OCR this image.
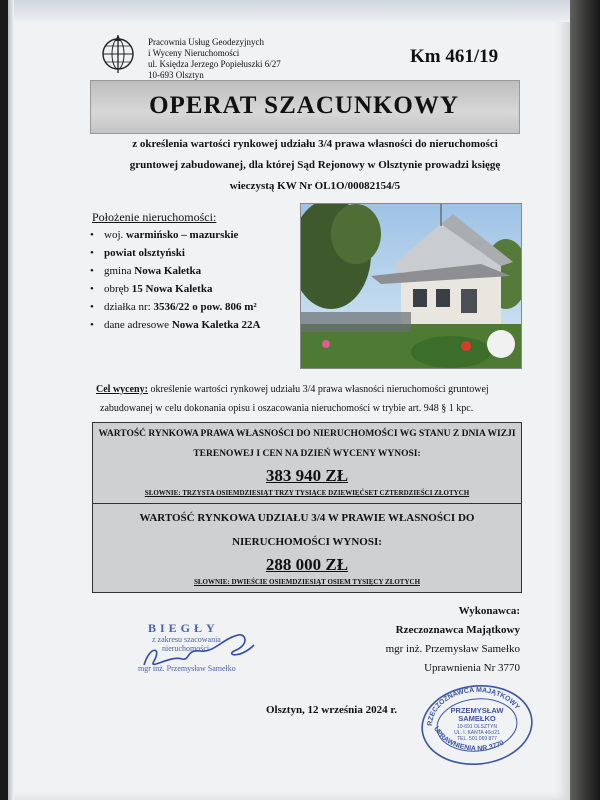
Pracownia Usług Geodezyjnych
i Wyceny Nieruchomości
ul. Księdza Jerzego Popiełuszki 6/27
10-693 Olsztyn
Km 461/19
OPERAT SZACUNKOWY
z określenia wartości rynkowej udziału 3/4 prawa własności do nieruchomości
gruntowej zabudowanej, dla której Sąd Rejonowy w Olsztynie prowadzi księgę
wieczystą KW Nr OL1O/00082154/5
Położenie nieruchomości:
• woj. warmińsko – mazurskie
• powiat olsztyński
• gmina Nowa Kaletka
• obręb 15 Nowa Kaletka
• działka nr: 3536/22 o pow. 806 m²
• dane adresowe Nowa Kaletka 22A
Cel wyceny: określenie wartości rynkowej udziału 3/4 prawa własności nieruchomości gruntowej
zabudowanej w celu dokonania opisu i oszacowania nieruchomości w trybie art. 948 § 1 kpc.
WARTOŚĆ RYNKOWA PRAWA WŁASNOŚCI DO NIERUCHOMOŚCI WG STANU Z DNIA WIZJI
TERENOWEJ I CEN NA DZIEŃ WYCENY WYNOSI:
383 940 ZŁ
SŁOWNIE: TRZYSTA OSIEMDZIESIĄT TRZY TYSIĄCE DZIEWIĘĆSET CZTERDZIEŚCI ZŁOTYCH
WARTOŚĆ RYNKOWA UDZIAŁU 3/4 W PRAWIE WŁASNOŚCI DO
NIERUCHOMOŚCI WYNOSI:
288 000 ZŁ
SŁOWNIE: DWIEŚCIE OSIEMDZIESIĄT OSIEM TYSIĘCY ZŁOTYCH
Wykonawca:
Rzeczoznawca Majątkowy
mgr inż. Przemysław Samełko
Uprawnienia Nr 3770
BIEGŁY
z zakresu szacowania
nieruchomości
mgr inż. Przemysław Samełko
Olsztyn, 12 września 2024 r.
RZECZOZNAWCA MAJĄTKOWY
UPRAWNIENIA NR 3770
PRZEMYSŁAW
SAMEŁKO
10-691 OLSZTYN
UL. I. KANTA 40c/21
TEL. 501 069 877
